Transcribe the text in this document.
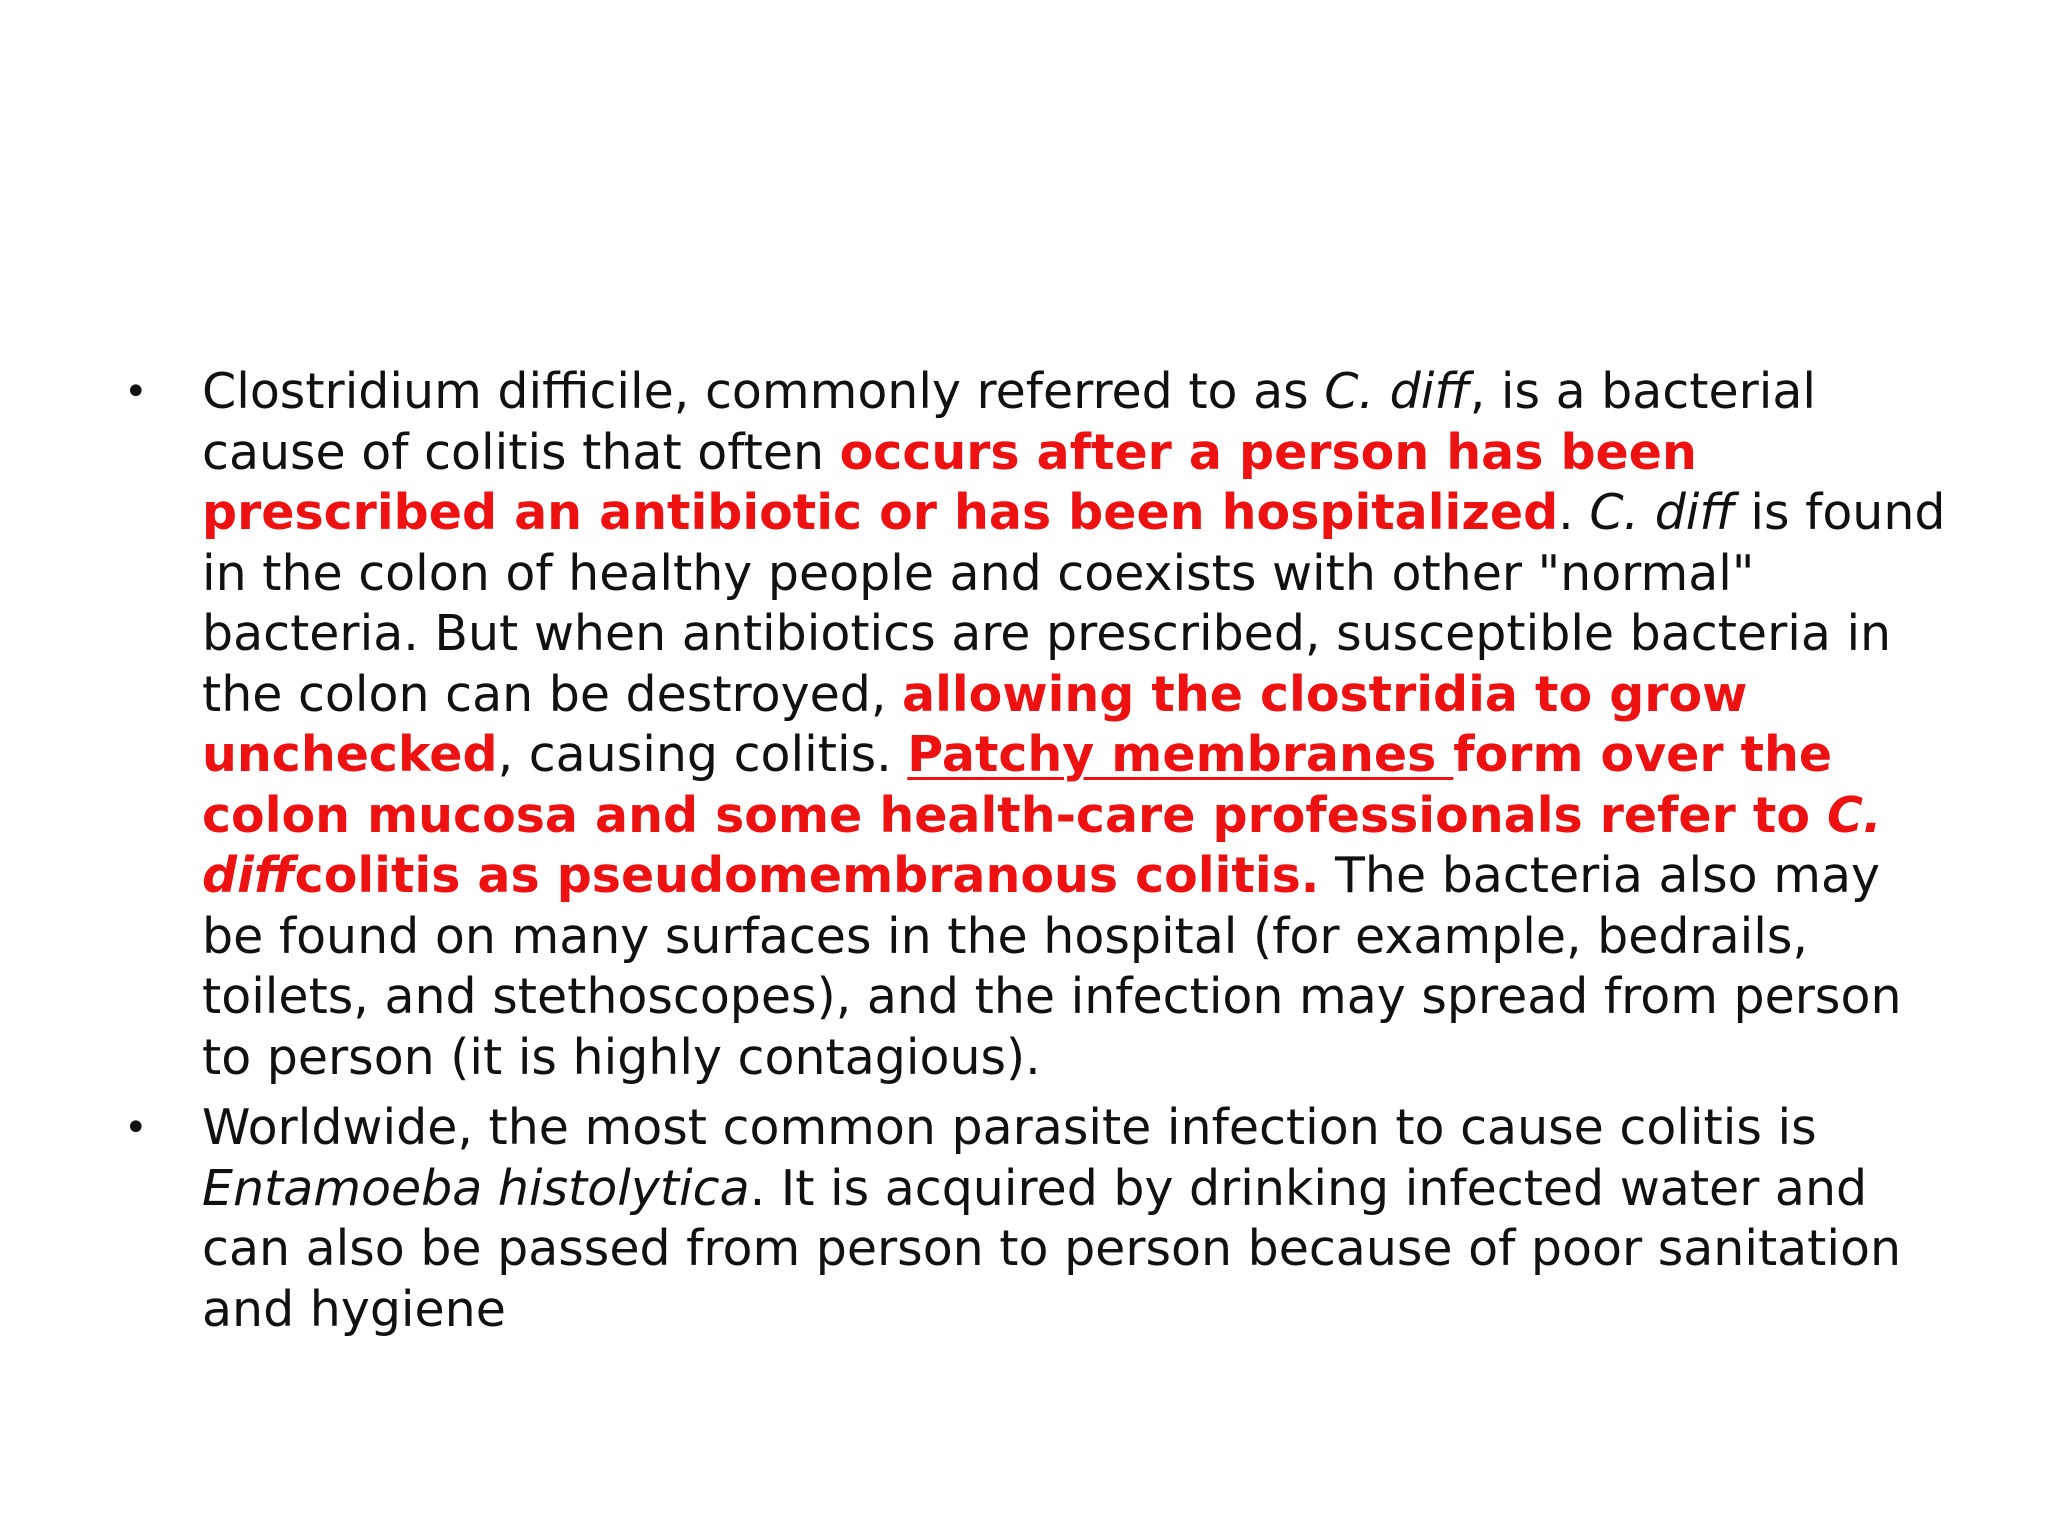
•	Clostridium difficile, commonly referred to as C. diff, is a bacterial cause of colitis that often occurs after a person has been prescribed an antibiotic or has been hospitalized. C. diff is found in the colon of healthy people and coexists with other "normal" bacteria. But when antibiotics are prescribed, susceptible bacteria in the colon can be destroyed, allowing the clostridia to grow unchecked, causing colitis. Patchy membranes form over the colon mucosa and some health-care professionals refer to C. diffcolitis as pseudomembranous colitis. The bacteria also may be found on many surfaces in the hospital (for example, bedrails, toilets, and stethoscopes), and the infection may spread from person to person (it is highly contagious).
•	Worldwide, the most common parasite infection to cause colitis is Entamoeba histolytica. It is acquired by drinking infected water and can also be passed from person to person because of poor sanitation and hygiene
